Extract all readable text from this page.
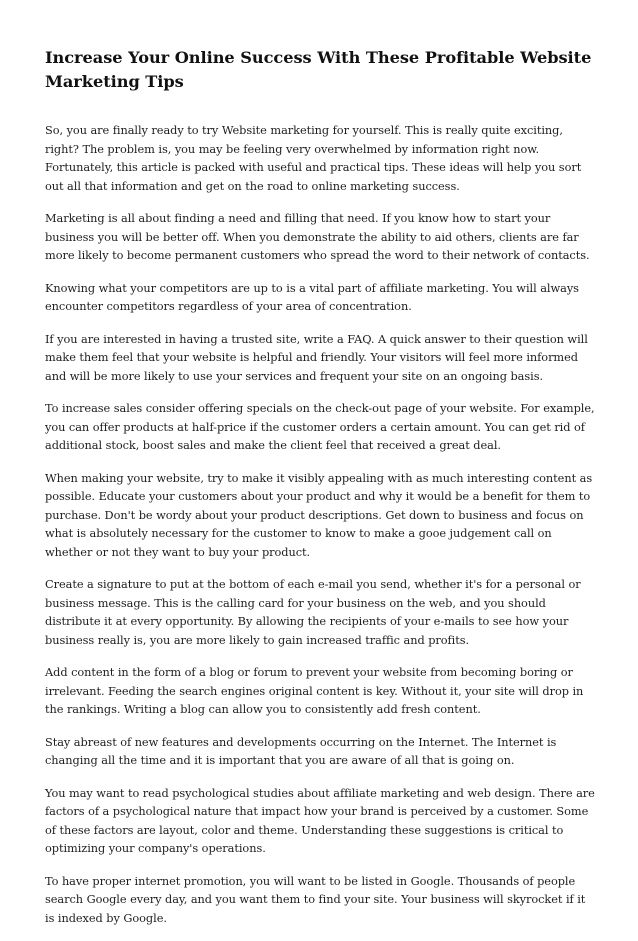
Increase Your Online Success With These Profitable Website Marketing Tips

So, you are finally ready to try Website marketing for yourself. This is really quite exciting, right? The problem is, you may be feeling very overwhelmed by information right now. Fortunately, this article is packed with useful and practical tips. These ideas will help you sort out all that information and get on the road to online marketing success.

Marketing is all about finding a need and filling that need. If you know how to start your business you will be better off. When you demonstrate the ability to aid others, clients are far more likely to become permanent customers who spread the word to their network of contacts.

Knowing what your competitors are up to is a vital part of affiliate marketing. You will always encounter competitors regardless of your area of concentration.

If you are interested in having a trusted site, write a FAQ. A quick answer to their question will make them feel that your website is helpful and friendly. Your visitors will feel more informed and will be more likely to use your services and frequent your site on an ongoing basis.

To increase sales consider offering specials on the check-out page of your website. For example, you can offer products at half-price if the customer orders a certain amount. You can get rid of additional stock, boost sales and make the client feel that received a great deal.

When making your website, try to make it visibly appealing with as much interesting content as possible. Educate your customers about your product and why it would be a benefit for them to purchase. Don't be wordy about your product descriptions. Get down to business and focus on what is absolutely necessary for the customer to know to make a gooe judgement call on whether or not they want to buy your product.

Create a signature to put at the bottom of each e-mail you send, whether it's for a personal or business message. This is the calling card for your business on the web, and you should distribute it at every opportunity. By allowing the recipients of your e-mails to see how your business really is, you are more likely to gain increased traffic and profits.

Add content in the form of a blog or forum to prevent your website from becoming boring or irrelevant. Feeding the search engines original content is key. Without it, your site will drop in the rankings. Writing a blog can allow you to consistently add fresh content.

Stay abreast of new features and developments occurring on the Internet. The Internet is changing all the time and it is important that you are aware of all that is going on.

You may want to read psychological studies about affiliate marketing and web design. There are factors of a psychological nature that impact how your brand is perceived by a customer. Some of these factors are layout, color and theme. Understanding these suggestions is critical to optimizing your company's operations.

To have proper internet promotion, you will want to be listed in Google. Thousands of people search Google every day, and you want them to find your site. Your business will skyrocket if it is indexed by Google.
